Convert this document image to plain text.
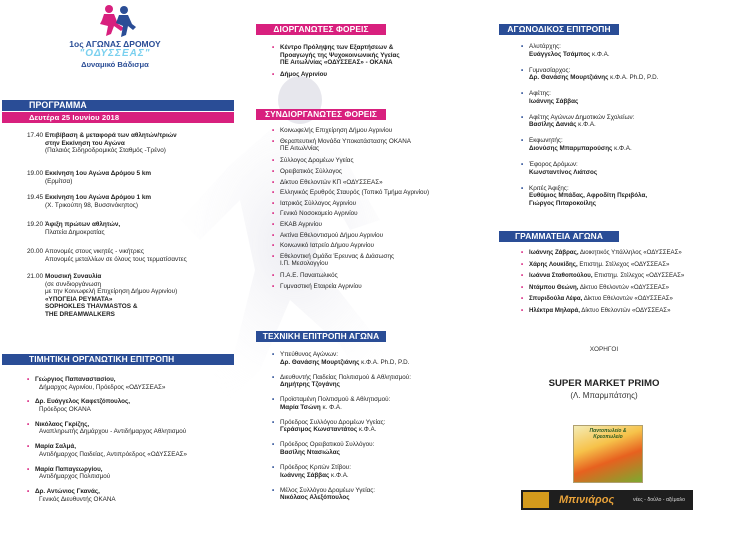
1ος ΑΓΩΝΑΣ ΔΡΟΜΟΥ
"ΟΔΥΣΣΕΑΣ"
Δυναμικό Βάδισμα
ΠΡΟΓΡΑΜΜΑ
Δευτέρα 25 Ιουνίου 2018
17.40 Επιβίβαση & μεταφορά των αθλητών/τριών
στην Εκκίνηση του Αγώνα
(Παλαιός Σιδηροδρομικός Σταθμός -Τρένο)
19.00 Εκκίνηση 1ου Αγώνα Δρόμου 5 km
(Ερμίτσα)
19.45 Εκκίνηση 1ου Αγώνα Δρόμου 1 km
(Χ. Τρικούπη 98, Βυσσινόκηπος)
19.20 Άφιξη πρώτων αθλητών,
Πλατεία Δημοκρατίας
20.00 Απονομές στους νικητές - νικήτριες
Απονομές μεταλλίων σε όλους τους τερματίσαντες
21.00 Μουσική Συναυλία
(σε συνδιοργάνωση
με την Κοινωφελή Επιχείρηση Δήμου Αγρινίου)
«ΥΠΟΓΕΙΑ ΡΕΥΜΑΤΑ»
SOPHOKLES THAVMASTOS &
THE DREAMWALKERS
ΤΙΜΗΤΙΚΗ ΟΡΓΑΝΩΤΙΚΗ ΕΠΙΤΡΟΠΗ
• Γεώργιος Παπαναστασίου,
Δήμαρχος Αγρινίου, Πρόεδρος «ΟΔΥΣΣΕΑΣ»
• Δρ. Ευάγγελος Καφετζόπουλος,
Πρόεδρος ΟΚΑΝΑ
• Νικόλαος Γκρίζης,
Αναπληρωτής Δημάρχου - Αντιδήμαρχος Αθλητισμού
• Μαρία Σαλμά,
Αντιδήμαρχος Παιδείας, Αντιπρόεδρος «ΟΔΥΣΣΕΑΣ»
• Μαρία Παπαγεωργίου,
Αντιδήμαρχος Πολιτισμού
• Δρ. Αντώνιος Γκανάς,
Γενικός Διευθυντής ΟΚΑΝΑ
ΔΙΟΡΓΑΝΩΤΕΣ ΦΟΡΕΙΣ
• Κέντρο Πρόληψης των Εξαρτήσεων &
Προαγωγής της Ψυχοκοινωνικής Υγείας
ΠΕ Αιτωλ/νίας «ΟΔΥΣΣΕΑΣ» - ΟΚΑΝΑ
• Δήμος Αγρινίου
ΣΥΝΔΙΟΡΓΑΝΩΤΕΣ ΦΟΡΕΙΣ
• Κοινωφελής Επιχείρηση Δήμου Αγρινίου
• Θεραπευτική Μονάδα Υποκατάστασης ΟΚΑΝΑ
ΠΕ Αιτωλ/νίας
• Σύλλογος Δρομέων Υγείας
• Ορειβατικός Σύλλογος
• Δίκτυο Εθελοντών ΚΠ «ΟΔΥΣΣΕΑΣ»
• Ελληνικός Ερυθρός Σταυρός (Τοπικό Τμήμα Αγρινίου)
• Ιατρικός Σύλλογος Αγρινίου
• Γενικό Νοσοκομείο Αγρινίου
• ΕΚΑΒ Αγρινίου
• Ακτίνα Εθελοντισμού Δήμου Αγρινίου
• Κοινωνικό Ιατρείο Δήμου Αγρινίου
• Εθελοντική Ομάδα Έρευνας & Διάσωσης
Ι.Π. Μεσολογγίου
• Π.Α.Ε. Παναιτωλικός
• Γυμναστική Εταιρεία Αγρινίου
ΤΕΧΝΙΚΗ ΕΠΙΤΡΟΠΗ ΑΓΩΝΑ
• Υπεύθυνος Αγώνων:
Δρ. Θανάσης Μουρτζιάνης κ.Φ.Α. Ph.D, P.D.
• Διευθυντής Παιδείας Πολιτισμού & Αθλητισμού:
Δημήτρης Τζογάνης
• Προϊσταμένη Πολιτισμού & Αθλητισμού:
Μαρία Τσώνη κ. Φ.Α.
• Πρόεδρος Συλλόγου Δρομέων Υγείας:
Γεράσιμος Κωνσταντάτος κ.Φ.Α.
• Πρόεδρος Ορειβατικού Συλλόγου:
Βασίλης Ντασιώλας
• Πρόεδρος Κριτών Στίβου:
Ιωάννης Σάββας κ.Φ.Α.
• Μέλος Συλλόγου Δρομέων Υγείας:
Νικόλαος Αλεξόπουλος
ΑΓΩΝΟΔΙΚΟΣ ΕΠΙΤΡΟΠΗ
• Αλυτάρχης:
Ευάγγελος Τσάμπος κ.Φ.Α.
• Γυμνασίαρχος:
Δρ. Θανάσης Μουρτζιάνης κ.Φ.Α. Ph.D, P.D.
• Αφέτης:
Ιωάννης Σάββας
• Αφέτης Αγώνων Δημοτικών Σχολείων:
Βασίλης Δανιάς κ.Φ.Α.
• Εκφωνητής:
Διονύσης Μπαρμπαρούσης κ.Φ.Α.
• Έφορος Δρόμων:
Κωνσταντίνος Λιάτσος
• Κριτές Άφιξης:
Ευθύμιος Μπάδας, Αφροδίτη Περιβόλα,
Γιώργος Πιταροκοίλης
ΓΡΑΜΜΑΤΕΙΑ ΑΓΩΝΑ
• Ιωάννης Ζάβρας, Διοικητικός Υπάλληλος «ΟΔΥΣΣΕΑΣ»
• Χάρης Λουκίδης, Επιστημ. Στέλεχος «ΟΔΥΣΣΕΑΣ»
• Ιωάννα Σταθοπούλου, Επιστημ. Στέλεχος «ΟΔΥΣΣΕΑΣ»
• Ντάμπου Θεώνη, Δίκτυο Εθελοντών «ΟΔΥΣΣΕΑΣ»
• Σπυριδούλα Λέφα, Δίκτυο Εθελοντών «ΟΔΥΣΣΕΑΣ»
• Ηλέκτρα Μηλαρά, Δίκτυο Εθελοντών «ΟΔΥΣΣΕΑΣ»
ΧΟΡΗΓΟΙ
SUPER MARKET PRIMO
(Λ. Μπαρμπάτσης)
Παντοπωλείο & Κρεοπωλείο
Μπινιάρος	νέες - δούλο - αξέμαλο
